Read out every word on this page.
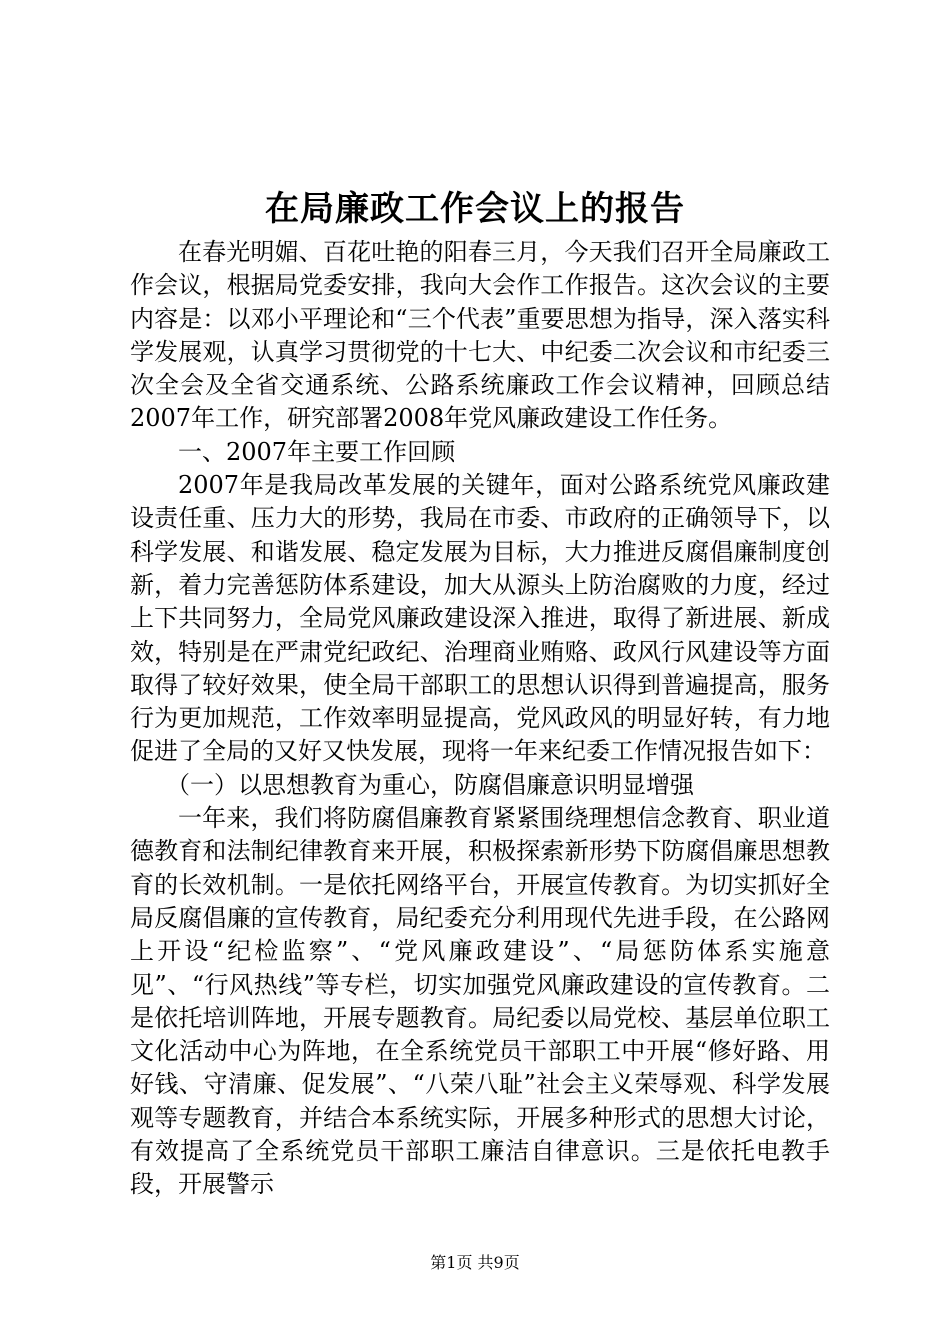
在局廉政工作会议上的报告

在春光明媚、百花吐艳的阳春三月，今天我们召开全局廉政工作会议，根据局党委安排，我向大会作工作报告。这次会议的主要内容是：以邓小平理论和“三个代表”重要思想为指导，深入落实科学发展观，认真学习贯彻党的十七大、中纪委二次会议和市纪委三次全会及全省交通系统、公路系统廉政工作会议精神，回顾总结2007年工作，研究部署2008年党风廉政建设工作任务。

一、2007年主要工作回顾

2007年是我局改革发展的关键年，面对公路系统党风廉政建设责任重、压力大的形势，我局在市委、市政府的正确领导下，以科学发展、和谐发展、稳定发展为目标，大力推进反腐倡廉制度创新，着力完善惩防体系建设，加大从源头上防治腐败的力度，经过上下共同努力，全局党风廉政建设深入推进，取得了新进展、新成效，特别是在严肃党纪政纪、治理商业贿赂、政风行风建设等方面取得了较好效果，使全局干部职工的思想认识得到普遍提高，服务行为更加规范，工作效率明显提高，党风政风的明显好转，有力地促进了全局的又好又快发展，现将一年来纪委工作情况报告如下：

（一）以思想教育为重心，防腐倡廉意识明显增强

一年来，我们将防腐倡廉教育紧紧围绕理想信念教育、职业道德教育和法制纪律教育来开展，积极探索新形势下防腐倡廉思想教育的长效机制。一是依托网络平台，开展宣传教育。为切实抓好全局反腐倡廉的宣传教育，局纪委充分利用现代先进手段，在公路网上开设“纪检监察”、“党风廉政建设”、“局惩防体系实施意见”、“行风热线”等专栏，切实加强党风廉政建设的宣传教育。二是依托培训阵地，开展专题教育。局纪委以局党校、基层单位职工文化活动中心为阵地，在全系统党员干部职工中开展“修好路、用好钱、守清廉、促发展”、“八荣八耻”社会主义荣辱观、科学发展观等专题教育，并结合本系统实际，开展多种形式的思想大讨论，有效提高了全系统党员干部职工廉洁自律意识。三是依托电教手段，开展警示

第1页 共9页
